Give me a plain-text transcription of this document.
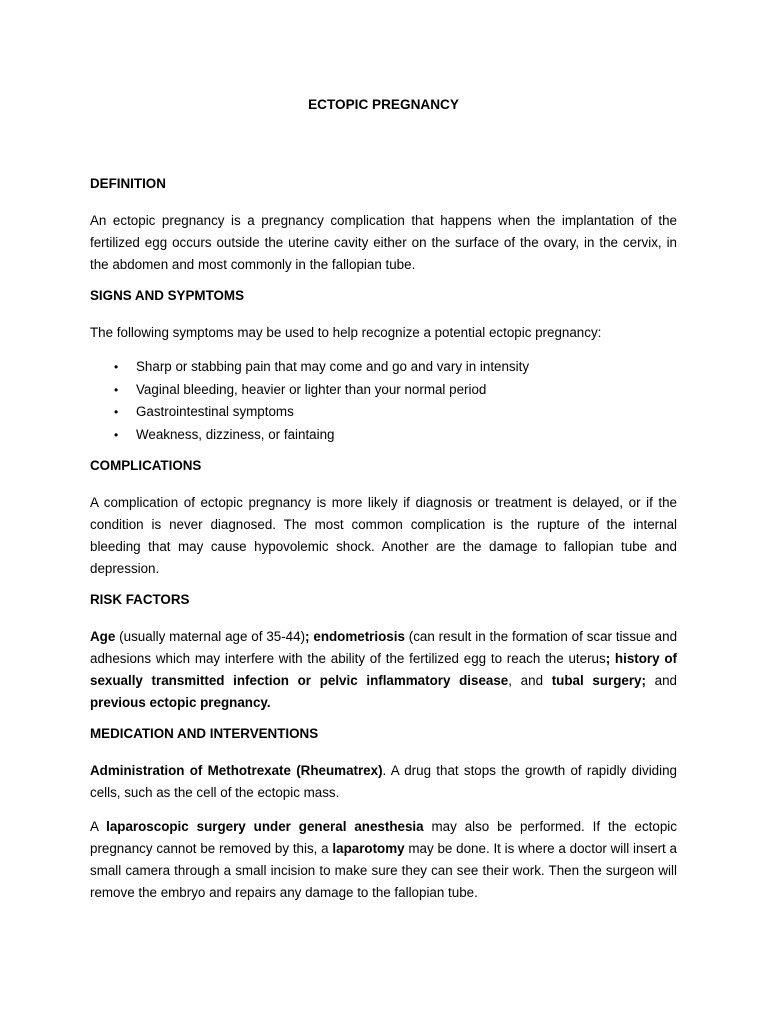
ECTOPIC PREGNANCY
DEFINITION

An ectopic pregnancy is a pregnancy complication that happens when the implantation of the fertilized egg occurs outside the uterine cavity either on the surface of the ovary, in the cervix, in the abdomen and most commonly in the fallopian tube.

SIGNS AND SYPMTOMS

The following symptoms may be used to help recognize a potential ectopic pregnancy:

• Sharp or stabbing pain that may come and go and vary in intensity
• Vaginal bleeding, heavier or lighter than your normal period
• Gastrointestinal symptoms
• Weakness, dizziness, or faintaing
COMPLICATIONS

A complication of ectopic pregnancy is more likely if diagnosis or treatment is delayed, or if the condition is never diagnosed. The most common complication is the rupture of the internal bleeding that may cause hypovolemic shock. Another are the damage to fallopian tube and depression.

RISK FACTORS

Age (usually maternal age of 35-44); endometriosis (can result in the formation of scar tissue and adhesions which may interfere with the ability of the fertilized egg to reach the uterus; history of sexually transmitted infection or pelvic inflammatory disease, and tubal surgery; and previous ectopic pregnancy.

MEDICATION AND INTERVENTIONS

Administration of Methotrexate (Rheumatrex). A drug that stops the growth of rapidly dividing cells, such as the cell of the ectopic mass.

A laparoscopic surgery under general anesthesia may also be performed. If the ectopic pregnancy cannot be removed by this, a laparotomy may be done. It is where a doctor will insert a small camera through a small incision to make sure they can see their work. Then the surgeon will remove the embryo and repairs any damage to the fallopian tube.
